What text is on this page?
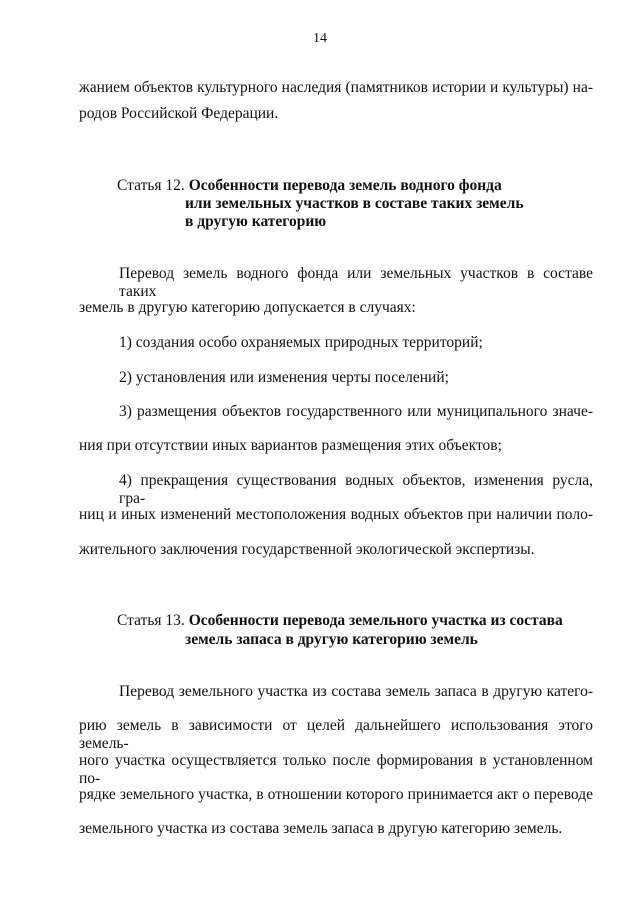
14
жанием объектов культурного наследия (памятников истории и культуры) на-
родов Российской Федерации.
Статья 12. Особенности перевода земель водного фонда
или земельных участков в составе таких земель
в другую категорию
Перевод земель водного фонда или земельных участков в составе таких
земель в другую категорию допускается в случаях:
1) создания особо охраняемых природных территорий;
2) установления или изменения черты поселений;
3) размещения объектов государственного или муниципального значе-
ния при отсутствии иных вариантов размещения этих объектов;
4) прекращения существования водных объектов, изменения русла, гра-
ниц и иных изменений местоположения водных объектов при наличии поло-
жительного заключения государственной экологической экспертизы.
Статья 13. Особенности перевода земельного участка из состава
земель запаса в другую категорию земель
Перевод земельного участка из состава земель запаса в другую катего-
рию земель в зависимости от целей дальнейшего использования этого земель-
ного участка осуществляется только после формирования в установленном по-
рядке земельного участка, в отношении которого принимается акт о переводе
земельного участка из состава земель запаса в другую категорию земель.
